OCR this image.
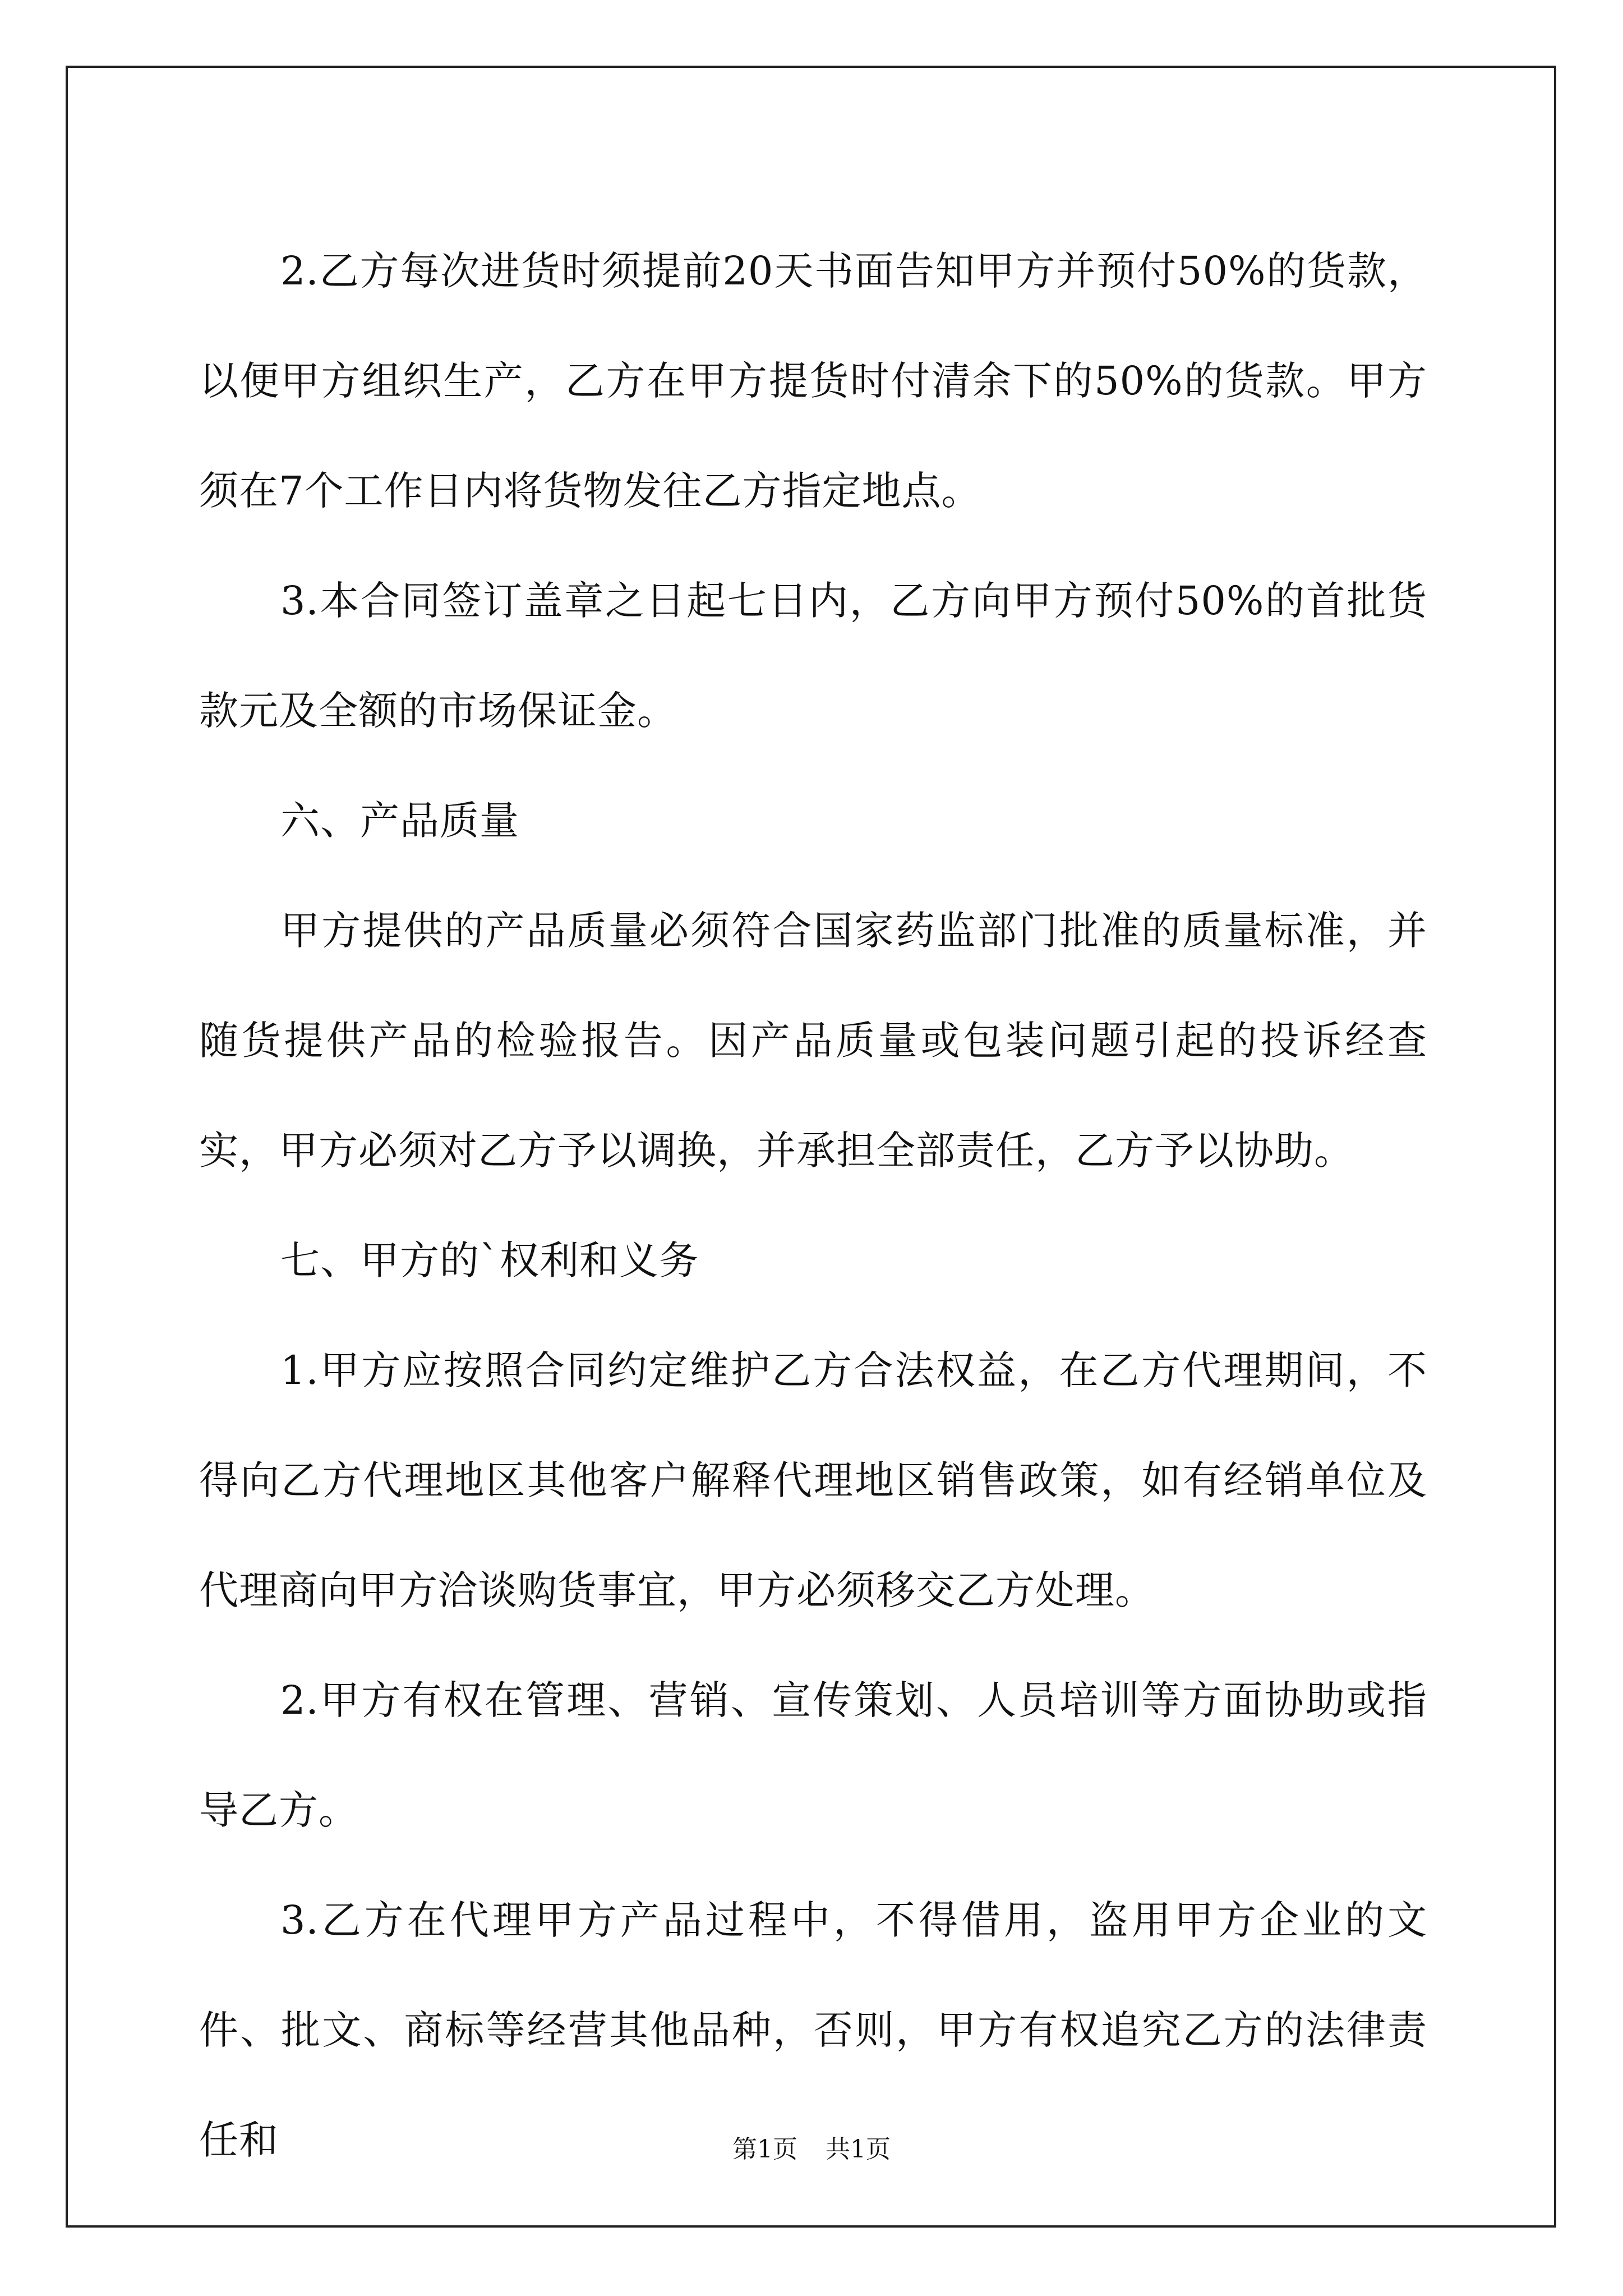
2.乙方每次进货时须提前20天书面告知甲方并预付50%的货款，以便甲方组织生产，乙方在甲方提货时付清余下的50%的货款。甲方须在7个工作日内将货物发往乙方指定地点。

3.本合同签订盖章之日起七日内，乙方向甲方预付50%的首批货款元及全额的市场保证金。

六、产品质量

甲方提供的产品质量必须符合国家药监部门批准的质量标准，并随货提供产品的检验报告。因产品质量或包装问题引起的投诉经查实，甲方必须对乙方予以调换，并承担全部责任，乙方予以协助。

七、甲方的`权利和义务

1.甲方应按照合同约定维护乙方合法权益，在乙方代理期间，不得向乙方代理地区其他客户解释代理地区销售政策，如有经销单位及代理商向甲方洽谈购货事宜，甲方必须移交乙方处理。

2.甲方有权在管理、营销、宣传策划、人员培训等方面协助或指导乙方。

3.乙方在代理甲方产品过程中，不得借用，盗用甲方企业的文件、批文、商标等经营其他品种，否则，甲方有权追究乙方的法律责任和	第1页 共1页
